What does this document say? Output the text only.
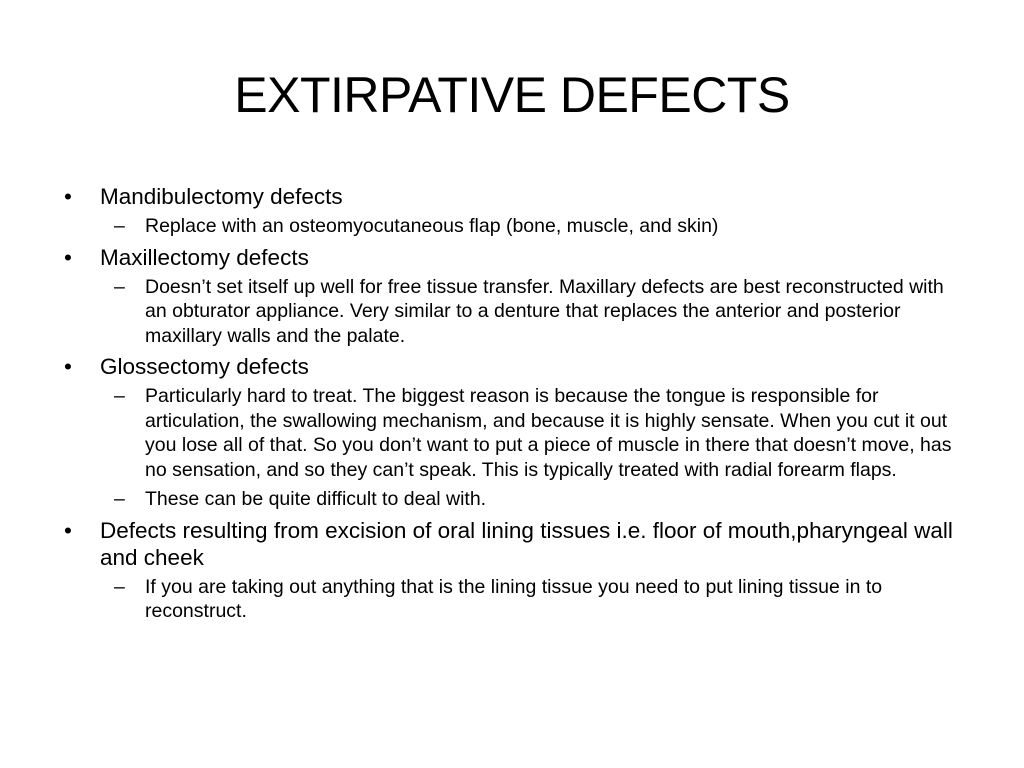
EXTIRPATIVE DEFECTS
• Mandibulectomy defects
– Replace with an osteomyocutaneous flap (bone, muscle, and skin)
• Maxillectomy defects
– Doesn’t set itself up well for free tissue transfer. Maxillary defects are best reconstructed with an obturator appliance. Very similar to a denture that replaces the anterior and posterior maxillary walls and the palate.
• Glossectomy defects
– Particularly hard to treat. The biggest reason is because the tongue is responsible for articulation, the swallowing mechanism, and because it is highly sensate. When you cut it out you lose all of that. So you don’t want to put a piece of muscle in there that doesn’t move, has no sensation, and so they can’t speak. This is typically treated with radial forearm flaps.
– These can be quite difficult to deal with.
• Defects resulting from excision of oral lining tissues i.e. floor of mouth,pharyngeal wall and cheek
– If you are taking out anything that is the lining tissue you need to put lining tissue in to reconstruct.
